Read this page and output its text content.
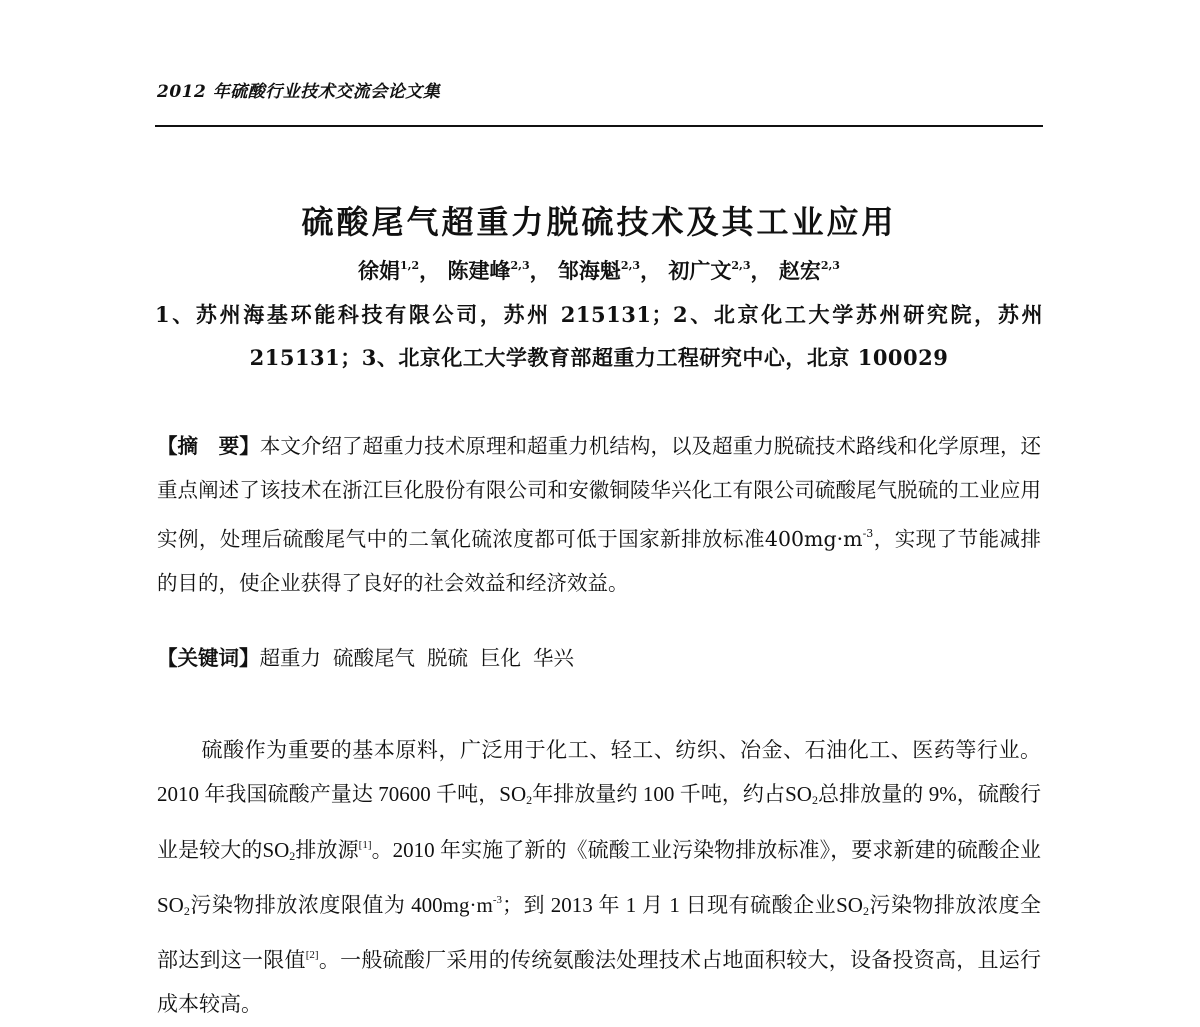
2012 年硫酸行业技术交流会论文集
硫酸尾气超重力脱硫技术及其工业应用
徐娟$^{1,2}$， 陈建峰$^{2,3}$， 邹海魁$^{2,3}$， 初广文$^{2,3}$， 赵宏$^{2,3}$
1、苏州海基环能科技有限公司，苏州 215131；2、北京化工大学苏州研究院，苏州
215131；3、北京化工大学教育部超重力工程研究中心，北京 100029
【摘　要】本文介绍了超重力技术原理和超重力机结构，以及超重力脱硫技术路线和化学原理，还重点阐述了该技术在浙江巨化股份有限公司和安徽铜陵华兴化工有限公司硫酸尾气脱硫的工业应用实例，处理后硫酸尾气中的二氧化硫浓度都可低于国家新排放标准$400mg\cdot m^{-3}$，实现了节能减排的目的，使企业获得了良好的社会效益和经济效益。
【关键词】超重力 硫酸尾气 脱硫 巨化 华兴
硫酸作为重要的基本原料，广泛用于化工、轻工、纺织、冶金、石油化工、医药等行业。2010 年我国硫酸产量达 70600 千吨，$SO_2$年排放量约 100 千吨，约占$SO_2$总排放量的 9%，硫酸行业是较大的$SO_2$排放源[1]。2010 年实施了新的《硫酸工业污染物排放标准》，要求新建的硫酸企业$SO_2$污染物排放浓度限值为 400mg·m$^{-3}$；到 2013 年 1 月 1 日现有硫酸企业$SO_2$污染物排放浓度全部达到这一限值[2]。一般硫酸厂采用的传统氨酸法处理技术占地面积较大，设备投资高，且运行成本较高。
